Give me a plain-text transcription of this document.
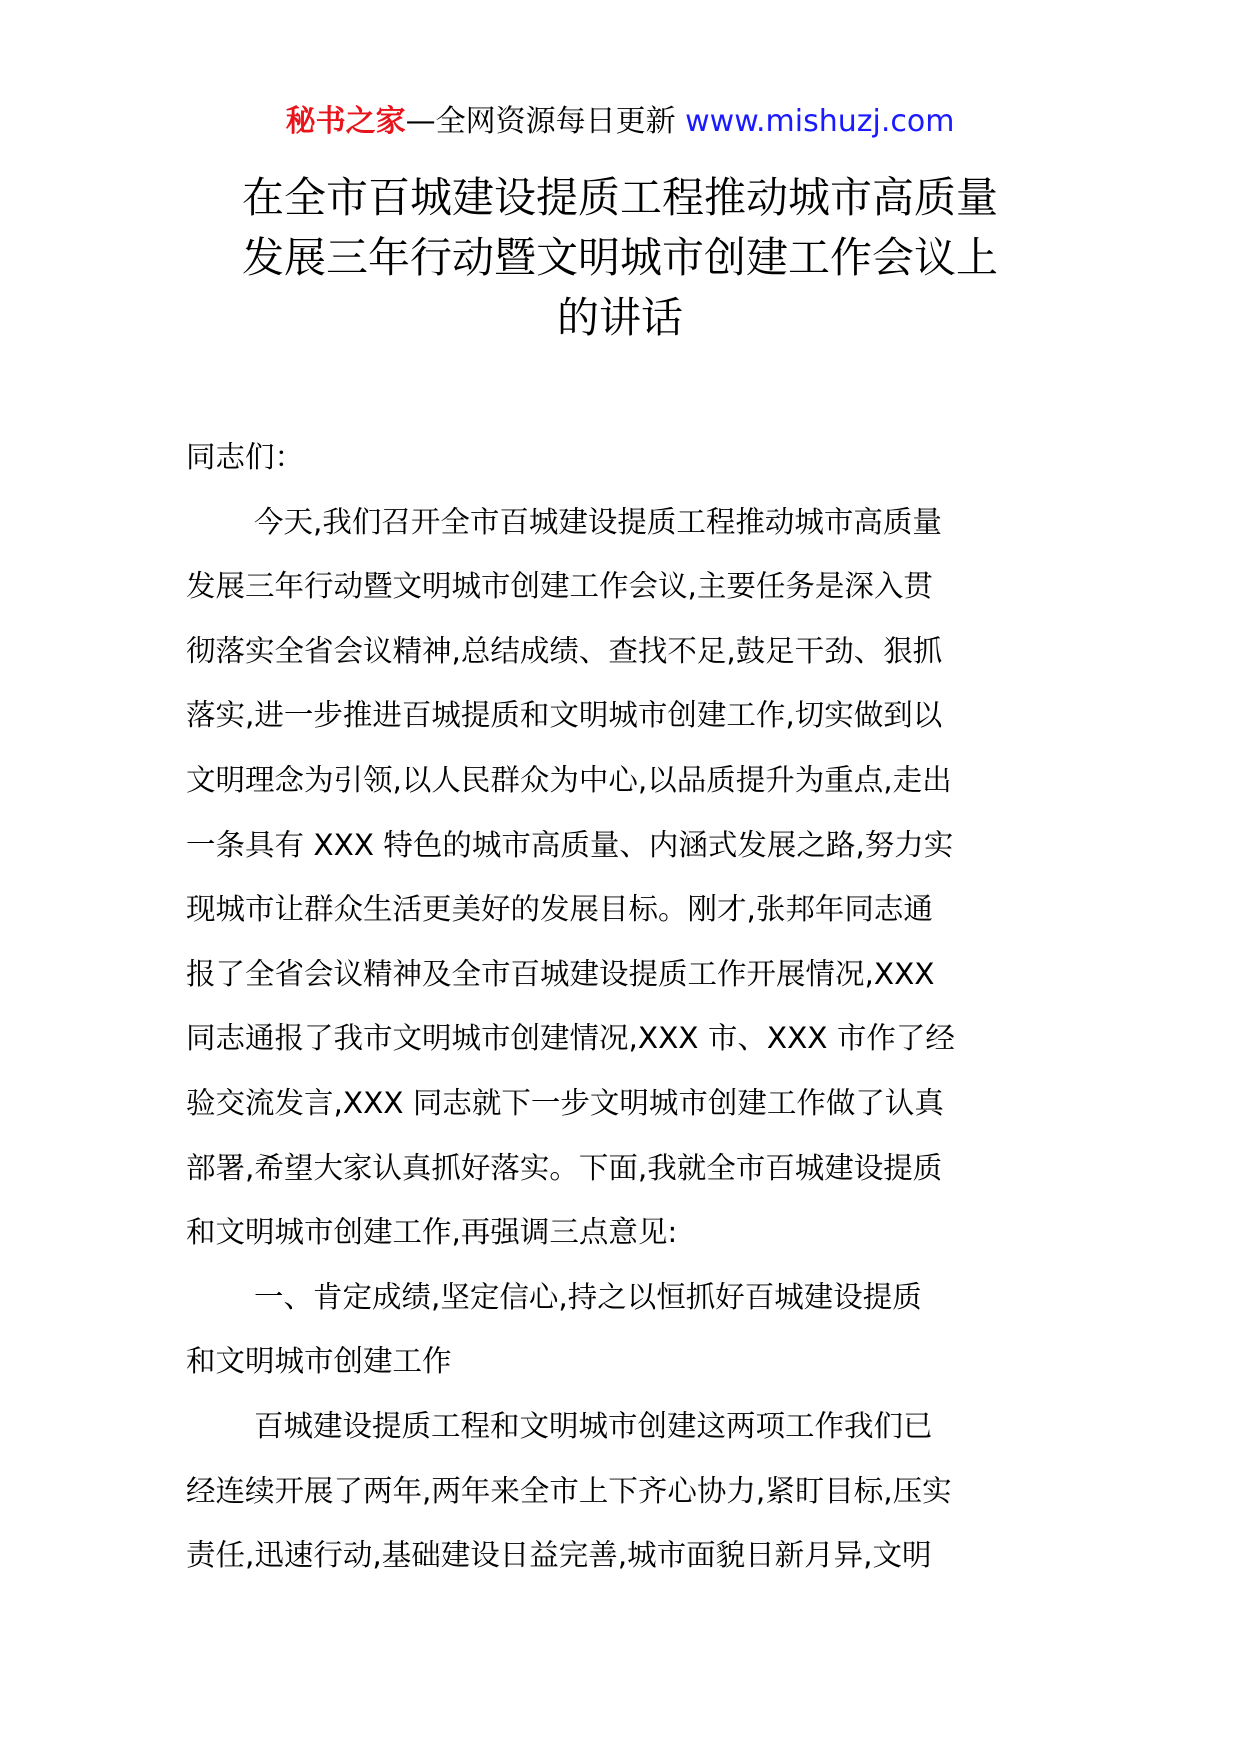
秘书之家—全网资源每日更新 www.mishuzj.com
在全市百城建设提质工程推动城市高质量
发展三年行动暨文明城市创建工作会议上
的讲话
同志们：
今天,我们召开全市百城建设提质工程推动城市高质量
发展三年行动暨文明城市创建工作会议,主要任务是深入贯
彻落实全省会议精神,总结成绩、查找不足,鼓足干劲、狠抓
落实,进一步推进百城提质和文明城市创建工作,切实做到以
文明理念为引领,以人民群众为中心,以品质提升为重点,走出
一条具有 XXX 特色的城市高质量、内涵式发展之路,努力实
现城市让群众生活更美好的发展目标。刚才,张邦年同志通
报了全省会议精神及全市百城建设提质工作开展情况,XXX
同志通报了我市文明城市创建情况,XXX 市、XXX 市作了经
验交流发言,XXX 同志就下一步文明城市创建工作做了认真
部署,希望大家认真抓好落实。下面,我就全市百城建设提质
和文明城市创建工作,再强调三点意见:
一、肯定成绩,坚定信心,持之以恒抓好百城建设提质
和文明城市创建工作
百城建设提质工程和文明城市创建这两项工作我们已
经连续开展了两年,两年来全市上下齐心协力,紧盯目标,压实
责任,迅速行动,基础建设日益完善,城市面貌日新月异,文明
